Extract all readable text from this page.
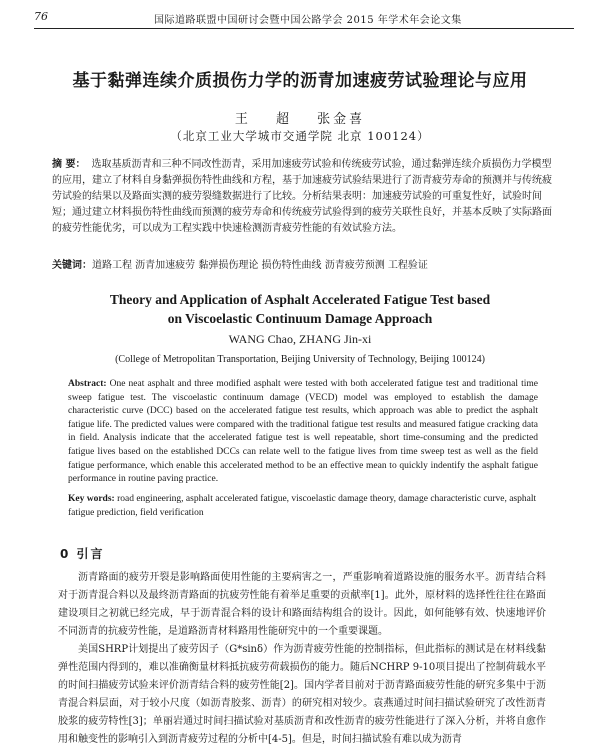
76	国际道路联盟中国研讨会暨中国公路学会 2015 年学术年会论文集
基于黏弹连续介质损伤力学的沥青加速疲劳试验理论与应用
王 超 张金喜
（北京工业大学城市交通学院 北京 100124）
摘 要： 选取基质沥青和三种不同改性沥青，采用加速疲劳试验和传统疲劳试验，通过黏弹连续介质损伤力学模型的应用，建立了材料自身黏弹损伤特性曲线和方程，基于加速疲劳试验结果进行了沥青疲劳寿命的预测并与传统疲劳试验的结果以及路面实测的疲劳裂缝数据进行了比较。分析结果表明：加速疲劳试验的可重复性好，试验时间短；通过建立材料损伤特性曲线而预测的疲劳寿命和传统疲劳试验得到的疲劳关联性良好，并基本反映了实际路面的疲劳性能优劣，可以成为工程实践中快速检测沥青疲劳性能的有效试验方法。
关键词：道路工程 沥青加速疲劳 黏弹损伤理论 损伤特性曲线 沥青疲劳预测 工程验证
Theory and Application of Asphalt Accelerated Fatigue Test based
on Viscoelastic Continuum Damage Approach
WANG Chao, ZHANG Jin-xi
(College of Metropolitan Transportation, Beijing University of Technology, Beijing 100124)
Abstract: One neat asphalt and three modified asphalt were tested with both accelerated fatigue test and traditional time sweep fatigue test. The viscoelastic continuum damage (VECD) model was employed to establish the damage characteristic curve (DCC) based on the accelerated fatigue test results, which approach was able to predict the asphalt fatigue life. The predicted values were compared with the traditional fatigue test results and measured fatigue cracking data in field. Analysis indicate that the accelerated fatigue test is well repeatable, short time-consuming and the predicted fatigue lives based on the established DCCs can relate well to the fatigue lives from time sweep test as well as the field fatigue performance, which enable this accelerated method to be an effective mean to quickly indentify the asphalt fatigue performance in routine paving practice.
Key words: road engineering, asphalt accelerated fatigue, viscoelastic damage theory, damage characteristic curve, asphalt fatigue prediction, field verification
0 引言

沥青路面的疲劳开裂是影响路面使用性能的主要病害之一，严重影响着道路设施的服务水平。沥青结合料对于沥青混合料以及最终沥青路面的抗疲劳性能有着举足重要的贡献率[1]。此外，原材料的选择性往往在路面建设项目之初就已经完成，早于沥青混合料的设计和路面结构组合的设计。因此，如何能够有效、快速地评价不同沥青的抗疲劳性能，是道路沥青材料路用性能研究中的一个重要课题。

美国SHRP计划提出了疲劳因子（G*sinδ）作为沥青疲劳性能的控制指标，但此指标的测试是在材料线黏弹性范围内得到的，难以准确衡量材料抵抗疲劳荷载损伤的能力。随后NCHRP 9-10项目提出了控制荷载水平的时间扫描疲劳试验来评价沥青结合料的疲劳性能[2]。国内学者目前对于沥青路面疲劳性能的研究多集中于沥青混合料层面，对于较小尺度（如沥青胶浆、沥青）的研究相对较少。袁燕通过时间扫描试验研究了改性沥青胶浆的疲劳特性[3]；单丽岩通过时间扫描试验对基质沥青和改性沥青的疲劳性能进行了深入分析，并将自愈作用和触变性的影响引入到沥青疲劳过程的分析中[4-5]。但是，时间扫描试验有难以成为沥青
